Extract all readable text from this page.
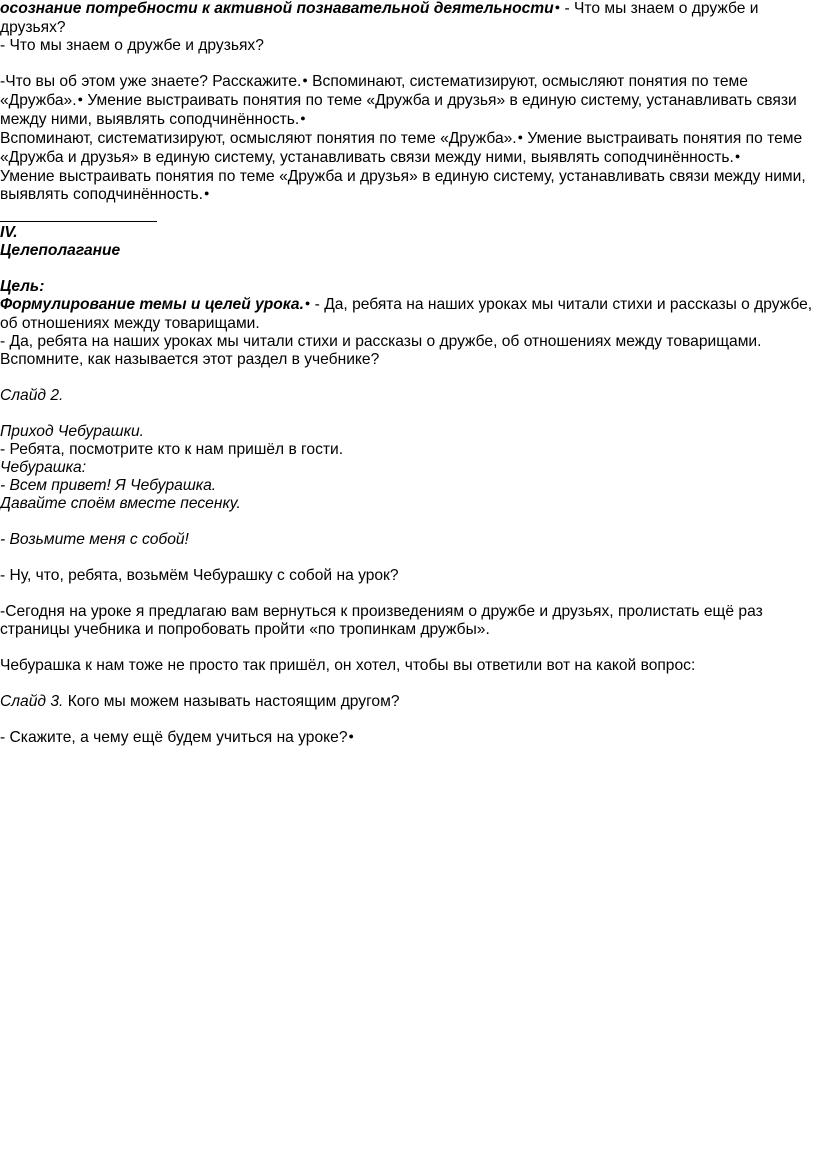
осознание потребности к активной познавательной деятельности ● - Что мы знаем о дружбе и друзьях?

- Что мы знаем о дружбе и друзьях?

-Что вы об этом уже знаете? Расскажите. ● Вспоминают, систематизируют, осмысляют понятия по теме «Дружба». ● Умение выстраивать понятия по теме «Дружба и друзья» в единую систему, устанавливать связи между ними, выявлять соподчинённость. ●

Вспоминают, систематизируют, осмысляют понятия по теме «Дружба». ● Умение выстраивать понятия по теме «Дружба и друзья» в единую систему, устанавливать связи между ними, выявлять соподчинённость. ●

Умение выстраивать понятия по теме «Дружба и друзья» в единую систему, устанавливать связи между ними, выявлять соподчинённость. ●

IV.

Целеполагание

Цель:

Формулирование темы и целей урока. ● - Да, ребята на наших уроках мы читали стихи и рассказы о дружбе, об отношениях между товарищами.

- Да, ребята на наших уроках мы читали стихи и рассказы о дружбе, об отношениях между товарищами.

Вспомните, как называется этот раздел в учебнике?

Слайд 2.

Приход Чебурашки.

- Ребята, посмотрите кто к нам пришёл в гости.

Чебурашка:

- Всем привет! Я Чебурашка.

Давайте споём вместе песенку.

- Возьмите меня с собой!

- Ну, что, ребята, возьмём Чебурашку с собой на урок?

-Сегодня на уроке я предлагаю вам вернуться к произведениям о дружбе и друзьях, пролистать ещё раз страницы учебника и попробовать пройти «по тропинкам дружбы».

Чебурашка к нам тоже не просто так пришёл, он хотел, чтобы вы ответили вот на какой вопрос:

Слайд 3. Кого мы можем называть настоящим другом?

- Скажите, а чему ещё будем учиться на уроке? ●
